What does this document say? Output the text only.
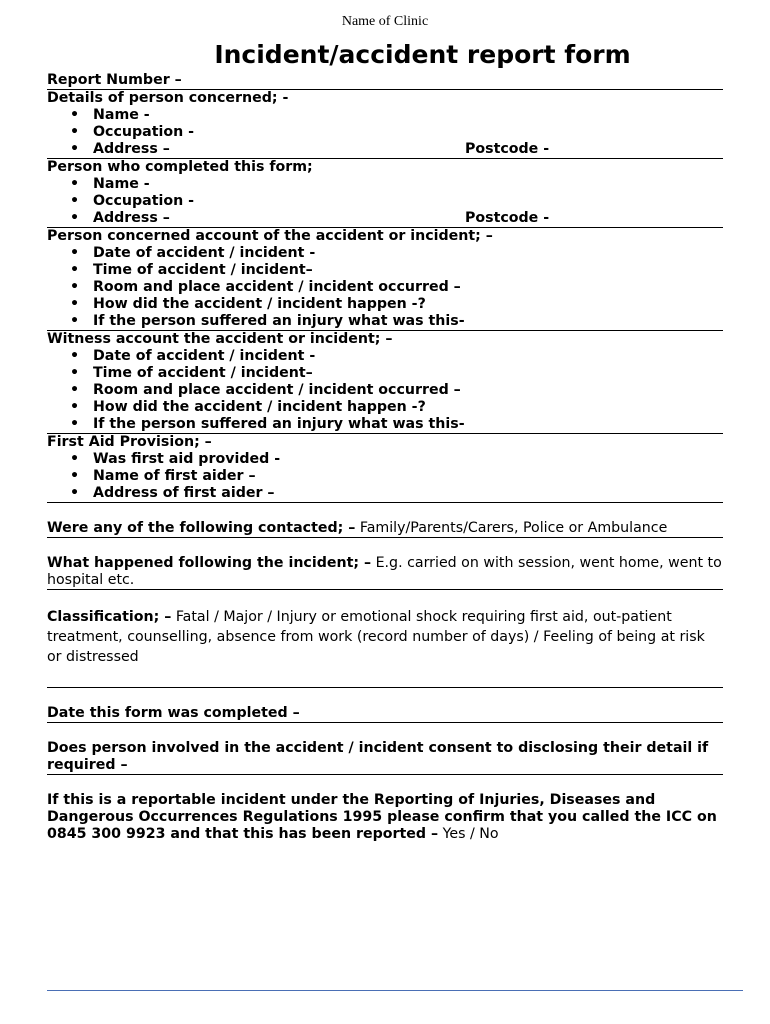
Name of Clinic
Incident/accident report form
Report Number –
Details of person concerned; -
• Name -
• Occupation -
• Address –	Postcode -
Person who completed this form;
• Name -
• Occupation -
• Address –	Postcode -
Person concerned account of the accident or incident; –
• Date of accident / incident -
• Time of accident / incident–
• Room and place accident / incident occurred –
• How did the accident / incident happen -?
• If the person suffered an injury what was this-
Witness account the accident or incident; –
• Date of accident / incident -
• Time of accident / incident–
• Room and place accident / incident occurred –
• How did the accident / incident happen -?
• If the person suffered an injury what was this-
First Aid Provision; –
• Was first aid provided -
• Name of first aider –
• Address of first aider –
Were any of the following contacted; – Family/Parents/Carers, Police or Ambulance
What happened following the incident; – E.g. carried on with session, went home, went to hospital etc.
Classification; – Fatal / Major / Injury or emotional shock requiring first aid, out-patient treatment, counselling, absence from work (record number of days) / Feeling of being at risk or distressed
Date this form was completed –
Does person involved in the accident / incident consent to disclosing their detail if required –
If this is a reportable incident under the Reporting of Injuries, Diseases and Dangerous Occurrences Regulations 1995 please confirm that you called the ICC on 0845 300 9923 and that this has been reported – Yes / No
